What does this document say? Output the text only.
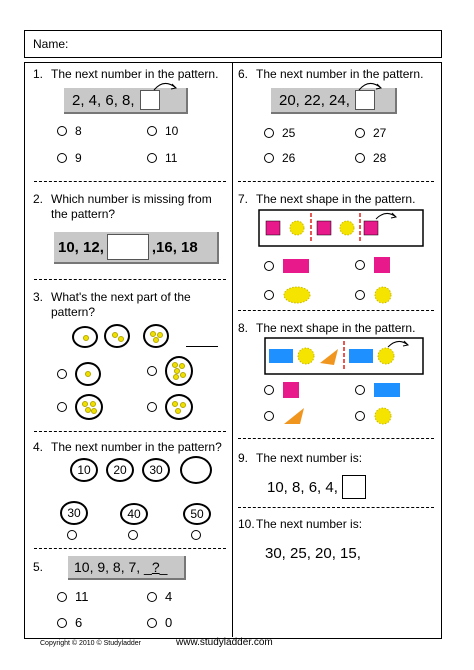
Name:
1. The next number in the pattern.
2, 4, 6, 8,
8	10
9	11
2. Which number is missing from
the pattern?
10, 12,	,16, 18
3. What's the next part of the
pattern?
4. The next number in the pattern?
10 20 30
30	40	50
5.	10, 9, 8, 7, _ ? _
11	4
6	0
6. The next number in the pattern.
20, 22, 24,
25	27
26	28
7. The next shape in the pattern.
8. The next shape in the pattern.
9. The next number is:
10, 8, 6, 4,
10.The next number is:
30, 25, 20, 15,
Copyright © 2010 © Studyladder	www.studyladder.com
